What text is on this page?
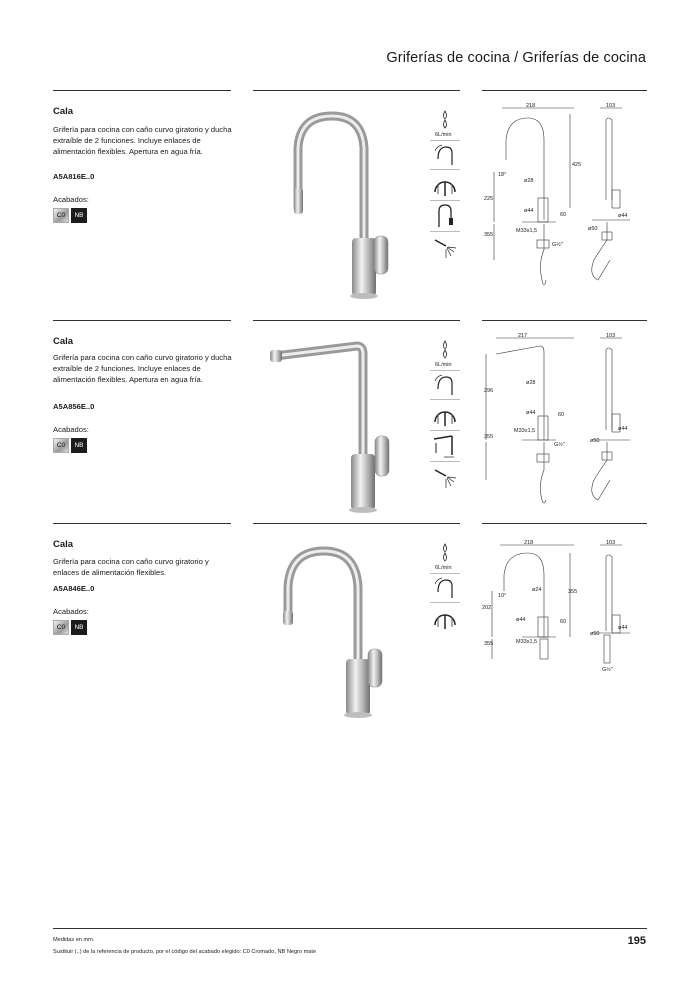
Griferías de cocina / Griferías de cocina
Cala
Grifería para cocina con caño curvo giratorio y ducha extraíble de 2 funciones. Incluye enlaces de alimentación flexibles. Apertura en agua fría.
A5A816E..0
Acabados:
C0	NB
6L/min
218	103
425
225
355
ø28
ø44
ø50
ø44
60
18°
M33x1,5
G½"
Cala
Grifería para cocina con caño curvo giratorio y ducha extraíble de 2 funciones. Incluye enlaces de alimentación flexibles. Apertura en agua fría.
A5A856E..0
Acabados:
C0	NB
6L/min
217	103
296
355
ø28
ø44
ø50
ø44
60
M33x1,5
G½"
Cala
Grifería para cocina con caño curvo giratorio y enlaces de alimentación flexibles.
A5A846E..0
Acabados:
C0	NB
6L/min
218	103
355
202
355
ø24
ø44
ø50
ø44
60
10°
M33x1,5
G½"
Medidas en mm.
Sustituir (..) de la referencia de producto, por el código del acabado elegido: C0 Cromado, NB Negro mate
195
